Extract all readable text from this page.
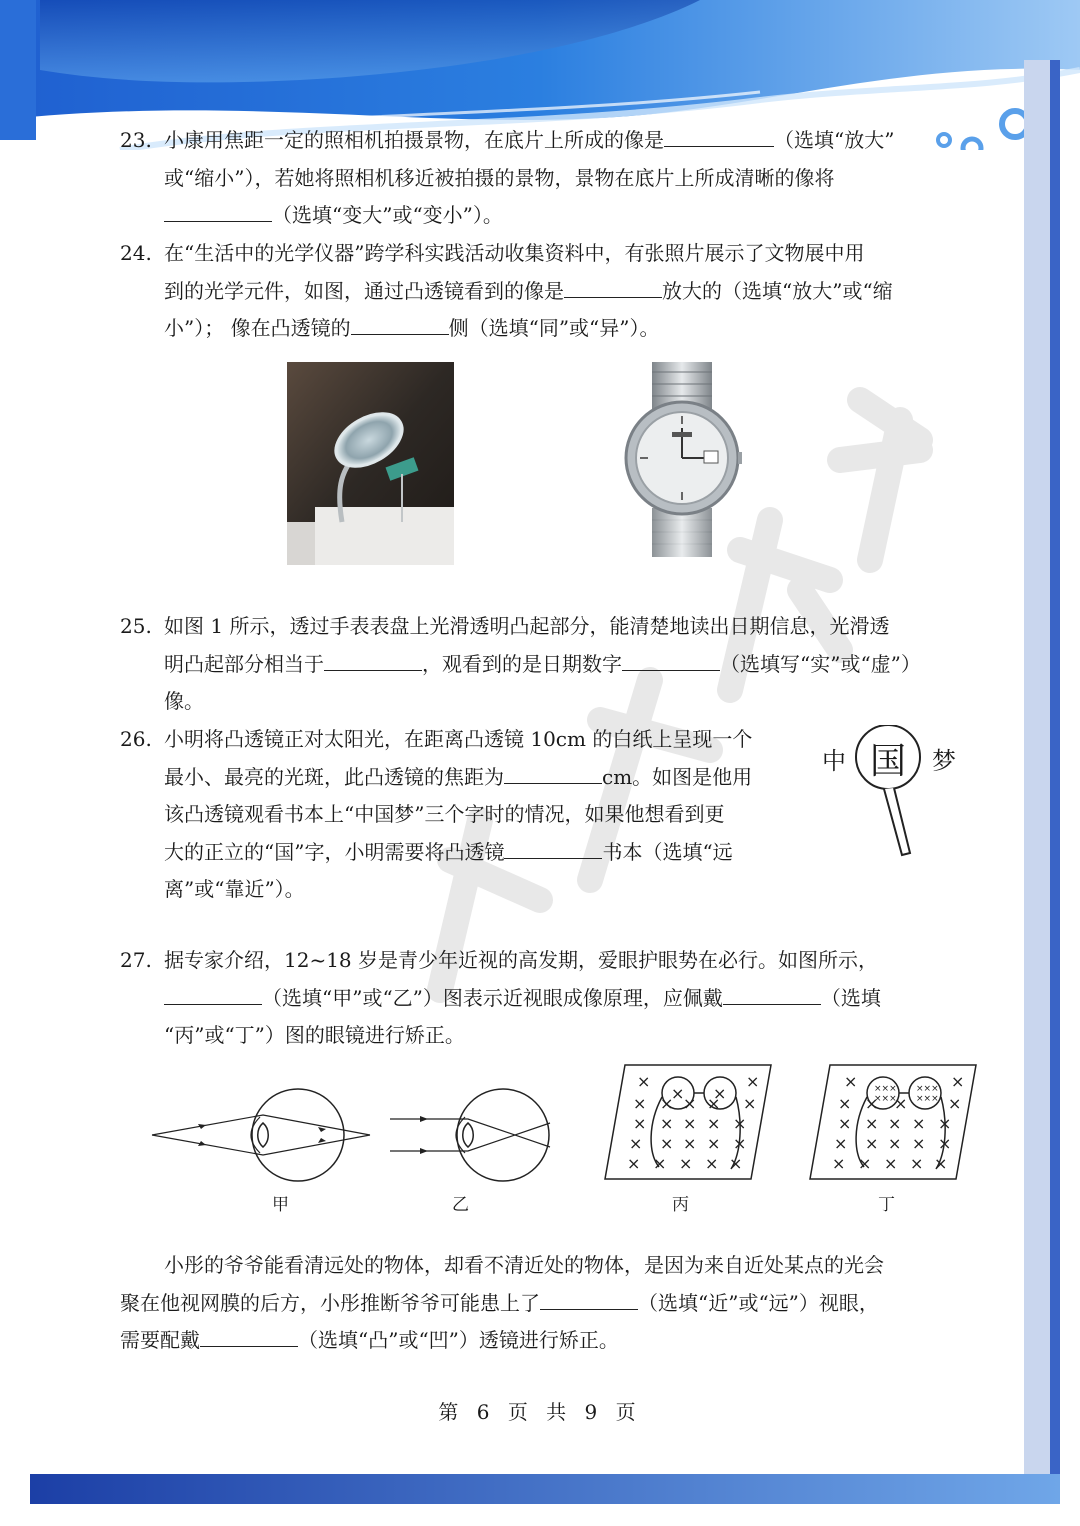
23. 小康用焦距一定的照相机拍摄景物，在底片上所成的像是	（选填“放大”
或“缩小”），若她将照相机移近被拍摄的景物，景物在底片上所成清晰的像将
（选填“变大”或“变小”）。
24. 在“生活中的光学仪器”跨学科实践活动收集资料中，有张照片展示了文物展中用
到的光学元件，如图，通过凸透镜看到的像是	放大的（选填“放大”或“缩
小”）； 像在凸透镜的	侧（选填“同”或“异”）。
25. 如图 1 所示，透过手表表盘上光滑透明凸起部分，能清楚地读出日期信息，光滑透
明凸起部分相当于	，观看到的是日期数字	（选填写“实”或“虚”）
像。
26. 小明将凸透镜正对太阳光，在距离凸透镜 10cm 的白纸上呈现一个
最小、最亮的光斑，此凸透镜的焦距为	cm。如图是他用
该凸透镜观看书本上“中国梦”三个字时的情况，如果他想看到更
大的正立的“国”字，小明需要将凸透镜	书本（选填“远
离”或“靠近”）。
中 国 梦
27. 据专家介绍，12~18 岁是青少年近视的高发期，爱眼护眼势在必行。如图所示，
（选填“甲”或“乙”）图表示近视眼成像原理，应佩戴	（选填
“丙”或“丁”）图的眼镜进行矫正。
×	×
× ×
× × × × ×
× × × × ×
× × × × ×
× × × × ×
×××
×××
×××
×××
×	×
× × ×	×
× × × × ×
× × × × ×
× × × × ×
甲	乙	丙	丁
小彤的爷爷能看清远处的物体，却看不清近处的物体，是因为来自近处某点的光会
聚在他视网膜的后方，小彤推断爷爷可能患上了	（选填“近”或“远”）视眼，
需要配戴	（选填“凸”或“凹”）透镜进行矫正。
第 6 页 共 9 页
